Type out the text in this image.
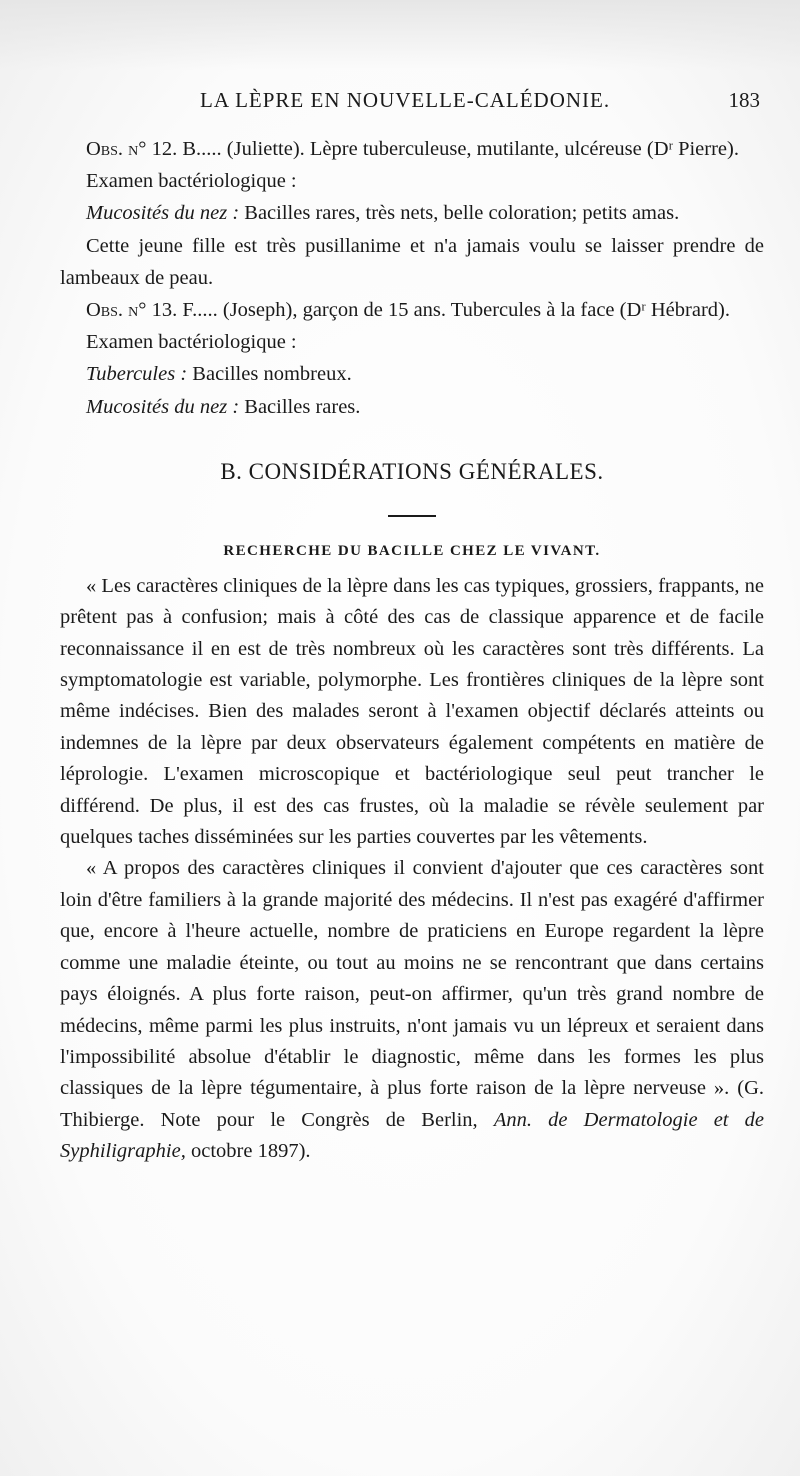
LA LÈPRE EN NOUVELLE-CALÉDONIE.	183

Obs. n° 12. B..... (Juliette). Lèpre tuberculeuse, mutilante, ulcéreuse (Dʳ Pierre).

Examen bactériologique :

Mucosités du nez : Bacilles rares, très nets, belle coloration; petits amas.

Cette jeune fille est très pusillanime et n'a jamais voulu se laisser prendre de lambeaux de peau.

Obs. n° 13. F..... (Joseph), garçon de 15 ans. Tubercules à la face (Dʳ Hébrard).

Examen bactériologique :

Tubercules : Bacilles nombreux.

Mucosités du nez : Bacilles rares.

B. CONSIDÉRATIONS GÉNÉRALES.
RECHERCHE DU BACILLE CHEZ LE VIVANT.

« Les caractères cliniques de la lèpre dans les cas typiques, grossiers, frappants, ne prêtent pas à confusion; mais à côté des cas de classique apparence et de facile reconnaissance il en est de très nombreux où les caractères sont très différents. La symptomatologie est variable, polymorphe. Les frontières cliniques de la lèpre sont même indécises. Bien des malades seront à l'examen objectif déclarés atteints ou indemnes de la lèpre par deux observateurs également compétents en matière de léprologie. L'examen microscopique et bactériologique seul peut trancher le différend. De plus, il est des cas frustes, où la maladie se révèle seulement par quelques taches disséminées sur les parties couvertes par les vêtements.

« A propos des caractères cliniques il convient d'ajouter que ces caractères sont loin d'être familiers à la grande majorité des médecins. Il n'est pas exagéré d'affirmer que, encore à l'heure actuelle, nombre de praticiens en Europe regardent la lèpre comme une maladie éteinte, ou tout au moins ne se rencontrant que dans certains pays éloignés. A plus forte raison, peut-on affirmer, qu'un très grand nombre de médecins, même parmi les plus instruits, n'ont jamais vu un lépreux et seraient dans l'impossibilité absolue d'établir le diagnostic, même dans les formes les plus classiques de la lèpre tégumentaire, à plus forte raison de la lèpre nerveuse ». (G. Thibierge. Note pour le Congrès de Berlin, Ann. de Dermatologie et de Syphiligraphie, octobre 1897).
